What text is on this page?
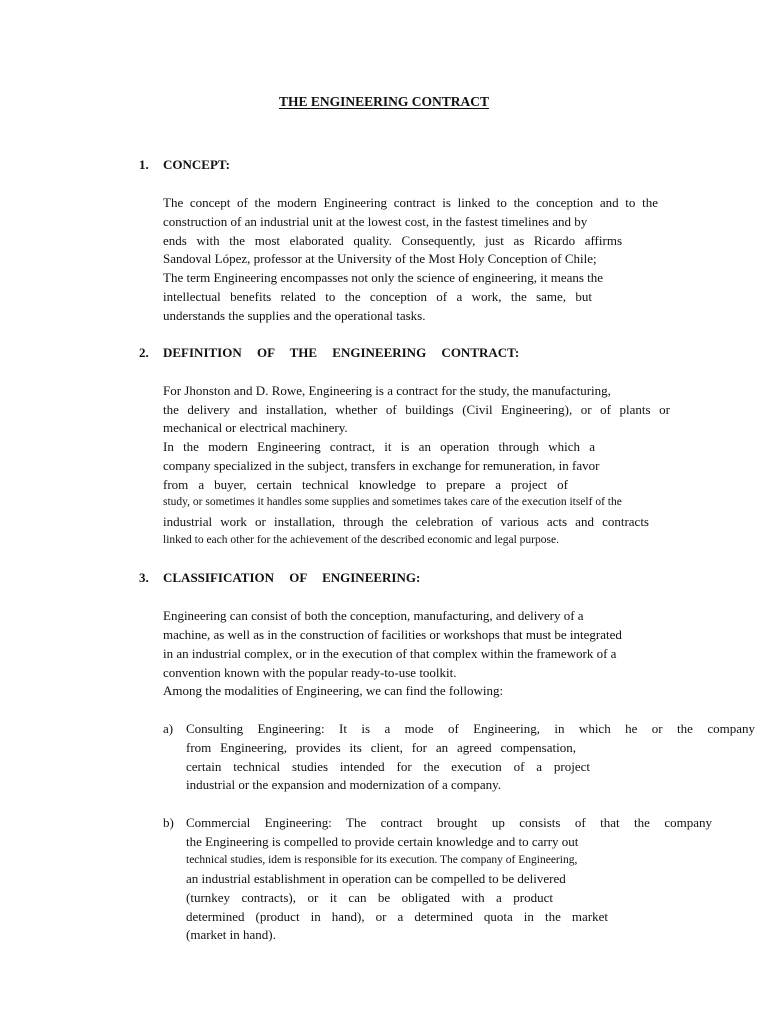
THE ENGINEERING CONTRACT
1. CONCEPT:
The concept of the modern Engineering contract is linked to the conception and to the
construction of an industrial unit at the lowest cost, in the fastest timelines and by
ends with the most elaborated quality. Consequently, just as Ricardo affirms
Sandoval López, professor at the University of the Most Holy Conception of Chile;
The term Engineering encompasses not only the science of engineering, it means the
intellectual benefits related to the conception of a work, the same, but
understands the supplies and the operational tasks.
2. DEFINITION OF THE ENGINEERING CONTRACT:
For Jhonston and D. Rowe, Engineering is a contract for the study, the manufacturing,
the delivery and installation, whether of buildings (Civil Engineering), or of plants or
mechanical or electrical machinery.
In the modern Engineering contract, it is an operation through which a
company specialized in the subject, transfers in exchange for remuneration, in favor
from a buyer, certain technical knowledge to prepare a project of
study, or sometimes it handles some supplies and sometimes takes care of the execution itself of the
industrial work or installation, through the celebration of various acts and contracts
linked to each other for the achievement of the described economic and legal purpose.
3. CLASSIFICATION OF ENGINEERING:
Engineering can consist of both the conception, manufacturing, and delivery of a
machine, as well as in the construction of facilities or workshops that must be integrated
in an industrial complex, or in the execution of that complex within the framework of a
convention known with the popular ready-to-use toolkit.
Among the modalities of Engineering, we can find the following:
a) Consulting Engineering: It is a mode of Engineering, in which he or the company
from Engineering, provides its client, for an agreed compensation,
certain technical studies intended for the execution of a project
industrial or the expansion and modernization of a company.
b) Commercial Engineering: The contract brought up consists of that the company
the Engineering is compelled to provide certain knowledge and to carry out
technical studies, idem is responsible for its execution. The company of Engineering,
an industrial establishment in operation can be compelled to be delivered
(turnkey contracts), or it can be obligated with a product
determined (product in hand), or a determined quota in the market
(market in hand).
